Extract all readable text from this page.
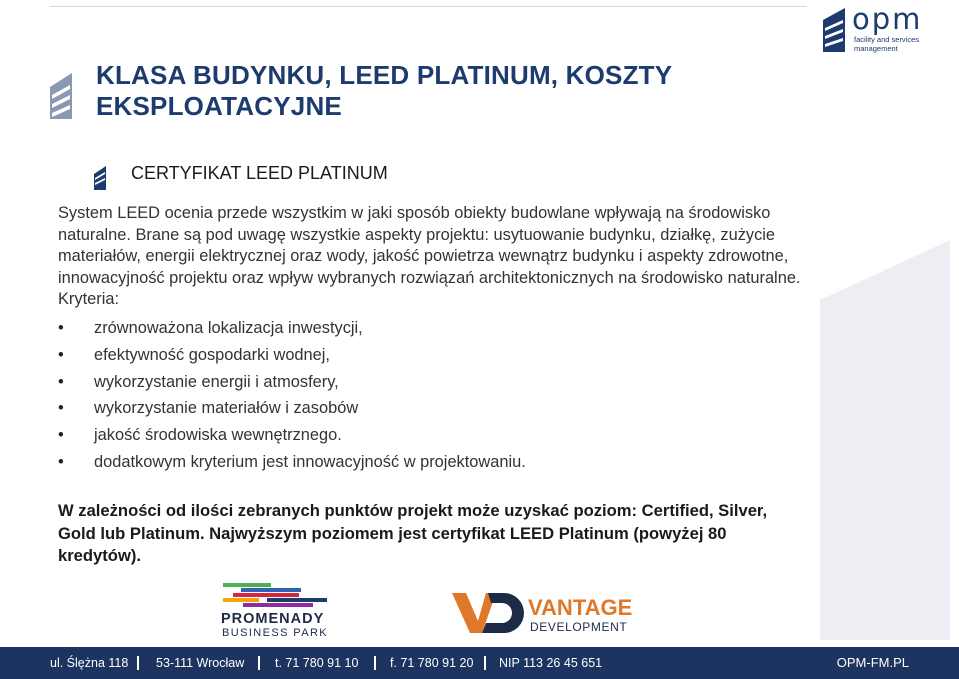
opm
facility and services
management
KLASA BUDYNKU, LEED PLATINUM, KOSZTY EKSPLOATACYJNE
CERTYFIKAT LEED PLATINUM
System LEED ocenia przede wszystkim w jaki sposób obiekty budowlane wpływają na środowisko naturalne. Brane są pod uwagę wszystkie aspekty projektu: usytuowanie budynku, działkę, zużycie materiałów, energii elektrycznej oraz wody, jakość powietrza wewnątrz budynku i aspekty zdrowotne, innowacyjność projektu oraz wpływ wybranych rozwiązań architektonicznych na środowisko naturalne. Kryteria:
• zrównoważona lokalizacja inwestycji,
• efektywność gospodarki wodnej,
• wykorzystanie energii i atmosfery,
• wykorzystanie materiałów i zasobów
• jakość środowiska wewnętrznego.
• dodatkowym kryterium jest innowacyjność w projektowaniu.
W zależności od ilości zebranych punktów projekt może uzyskać poziom: Certified, Silver, Gold lub Platinum. Najwyższym poziomem jest certyfikat LEED Platinum (powyżej 80 kredytów).
PROMENADY
BUSINESS PARK
VANTAGE
DEVELOPMENT
ul. Ślężna 118 53-111 Wrocław t. 71 780 91 10	f. 71 780 91 20 NIP 113 26 45 651	OPM-FM.PL
